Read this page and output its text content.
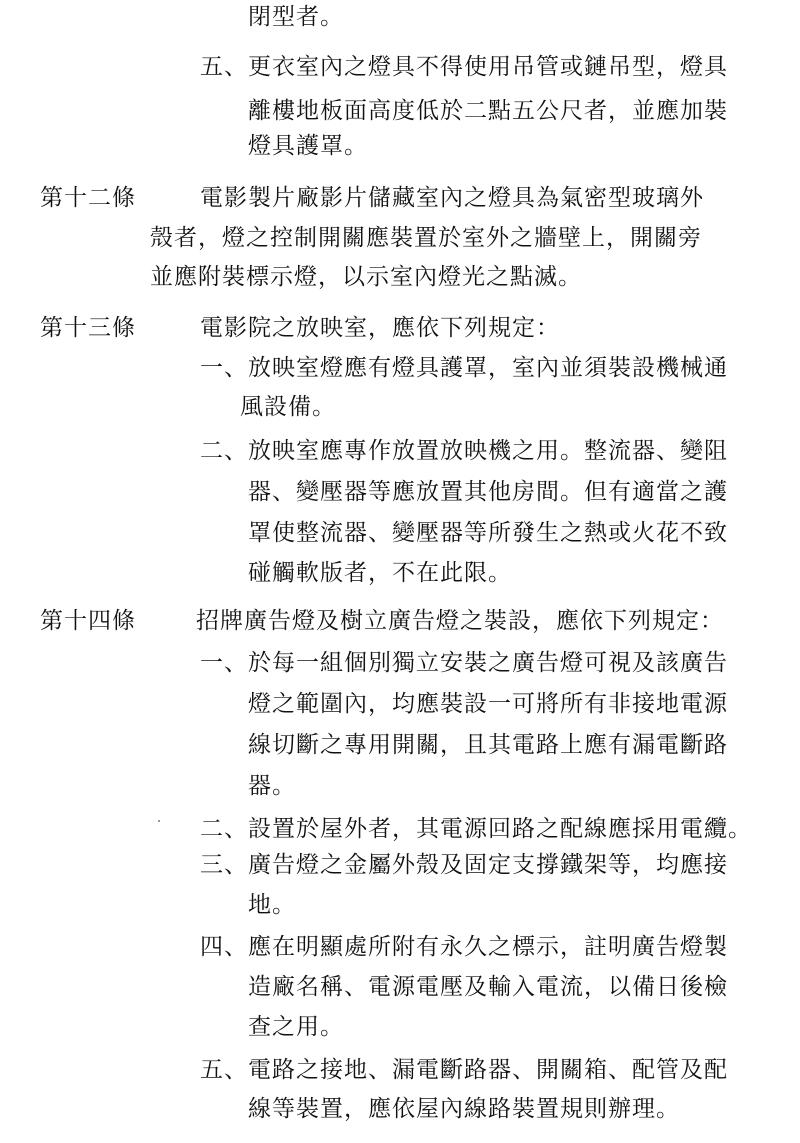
閉型者。
五、更衣室內之燈具不得使用吊管或鏈吊型，燈具
離樓地板面高度低於二點五公尺者，並應加裝
燈具護罩。
第十二條	電影製片廠影片儲藏室內之燈具為氣密型玻璃外
殼者，燈之控制開關應裝置於室外之牆壁上，開關旁
並應附裝標示燈，以示室內燈光之點滅。
第十三條	電影院之放映室，應依下列規定：
一、放映室燈應有燈具護罩，室內並須裝設機械通
風設備。
二、放映室應專作放置放映機之用。整流器、變阻
器、變壓器等應放置其他房間。但有適當之護
罩使整流器、變壓器等所發生之熱或火花不致
碰觸軟版者，不在此限。
第十四條	招牌廣告燈及樹立廣告燈之裝設，應依下列規定：
一、於每一組個別獨立安裝之廣告燈可視及該廣告
燈之範圍內，均應裝設一可將所有非接地電源
線切斷之專用開關，且其電路上應有漏電斷路
器。
二、設置於屋外者，其電源回路之配線應採用電纜。
三、廣告燈之金屬外殼及固定支撐鐵架等，均應接
地。
四、應在明顯處所附有永久之標示，註明廣告燈製
造廠名稱、電源電壓及輸入電流，以備日後檢
查之用。
五、電路之接地、漏電斷路器、開關箱、配管及配
線等裝置，應依屋內線路裝置規則辦理。
